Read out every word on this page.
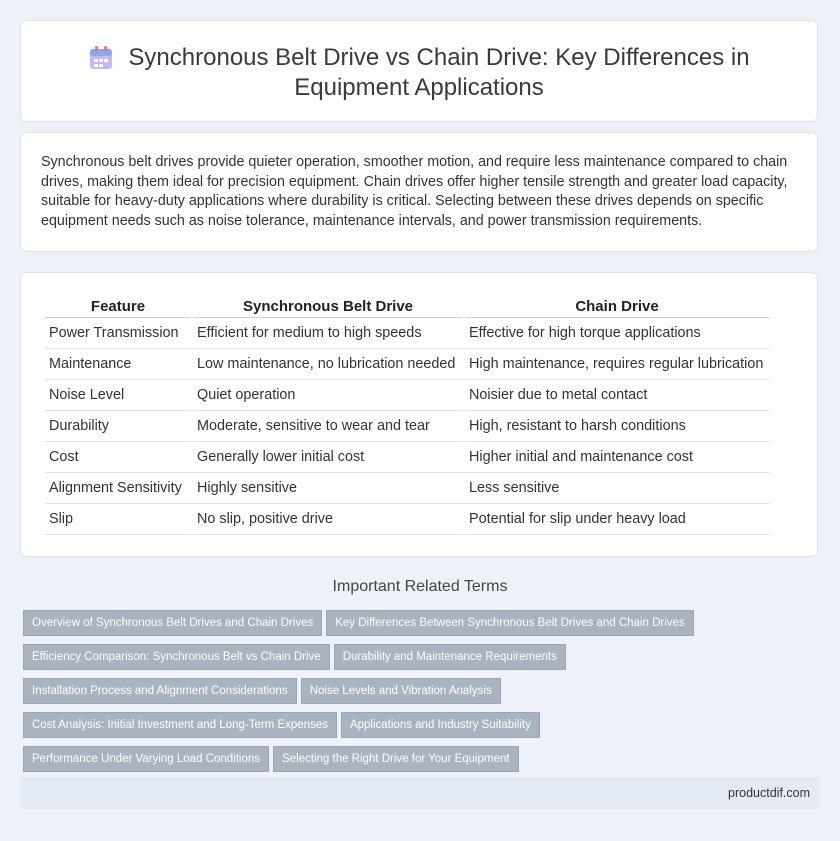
Synchronous Belt Drive vs Chain Drive: Key Differences in Equipment Applications

Synchronous belt drives provide quieter operation, smoother motion, and require less maintenance compared to chain drives, making them ideal for precision equipment. Chain drives offer higher tensile strength and greater load capacity, suitable for heavy-duty applications where durability is critical. Selecting between these drives depends on specific equipment needs such as noise tolerance, maintenance intervals, and power transmission requirements.

Feature	Synchronous Belt Drive	Chain Drive
Power Transmission	Efficient for medium to high speeds	Effective for high torque applications
Maintenance	Low maintenance, no lubrication needed	High maintenance, requires regular lubrication
Noise Level	Quiet operation	Noisier due to metal contact
Durability	Moderate, sensitive to wear and tear	High, resistant to harsh conditions
Cost	Generally lower initial cost	Higher initial and maintenance cost
Alignment Sensitivity	Highly sensitive	Less sensitive
Slip	No slip, positive drive	Potential for slip under heavy load
Important Related Terms
Overview of Synchronous Belt Drives and Chain Drives Key Differences Between Synchronous Belt Drives and Chain Drives
Efficiency Comparison: Synchronous Belt vs Chain Drive Durability and Maintenance Requirements
Installation Process and Alignment Considerations Noise Levels and Vibration Analysis
Cost Analysis: Initial Investment and Long-Term Expenses Applications and Industry Suitability
Performance Under Varying Load Conditions Selecting the Right Drive for Your Equipment
productdif.com
